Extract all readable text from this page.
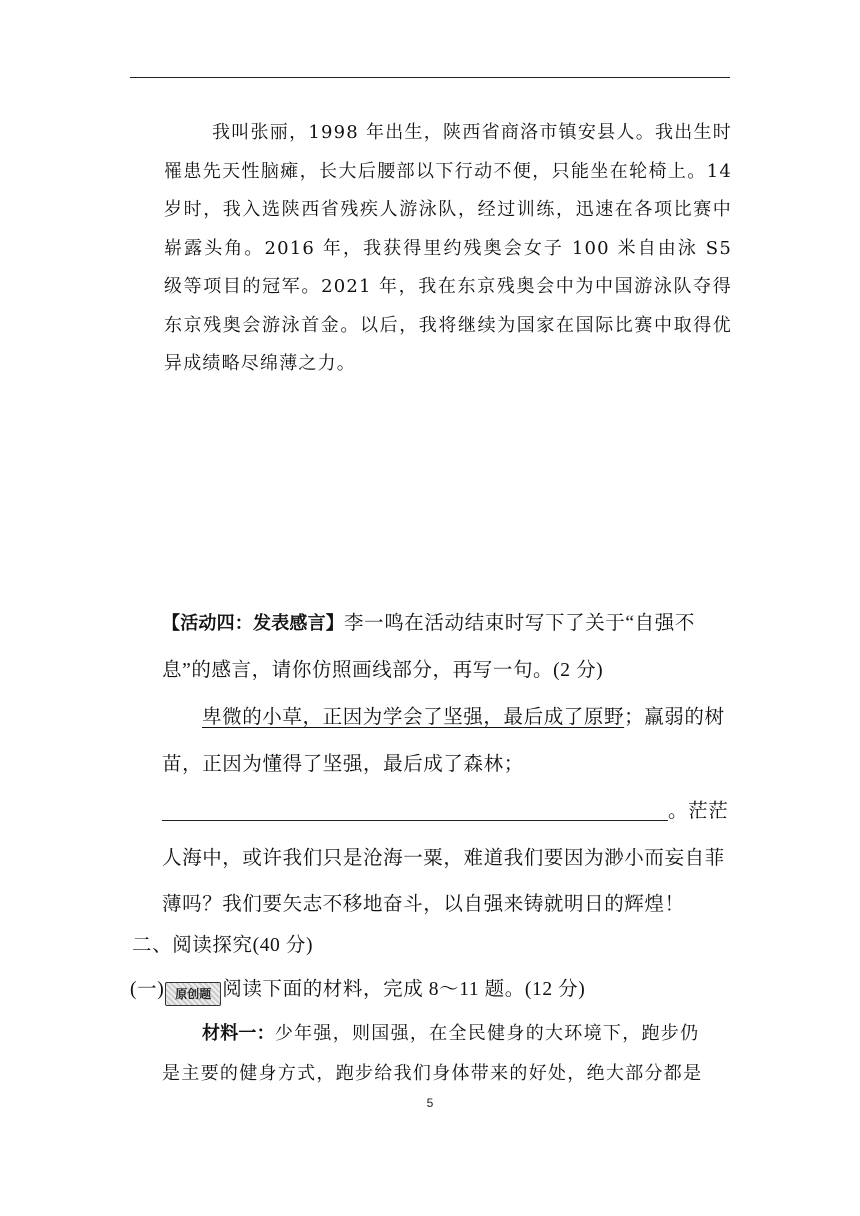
我叫张丽，1998 年出生，陕西省商洛市镇安县人。我出生时罹患先天性脑瘫，长大后腰部以下行动不便，只能坐在轮椅上。14 岁时，我入选陕西省残疾人游泳队，经过训练，迅速在各项比赛中崭露头角。2016 年，我获得里约残奥会女子 100 米自由泳 S5 级等项目的冠军。2021 年，我在东京残奥会中为中国游泳队夺得东京残奥会游泳首金。以后，我将继续为国家在国际比赛中取得优异成绩略尽绵薄之力。

【活动四：发表感言】李一鸣在活动结束时写下了关于“自强不
息”的感言，请你仿照画线部分，再写一句。(2 分)
卑微的小草，正因为学会了坚强，最后成了原野；羸弱的树
苗，正因为懂得了坚强，最后成了森林；
。茫茫
人海中，或许我们只是沧海一粟，难道我们要因为渺小而妄自菲
薄吗？我们要矢志不移地奋斗，以自强来铸就明日的辉煌！
二、阅读探究(40 分)
(一) 原创题 阅读下面的材料，完成 8～11 题。(12 分)
材料一：少年强，则国强，在全民健身的大环境下，跑步仍
是主要的健身方式，跑步给我们身体带来的好处，绝大部分都是
5
